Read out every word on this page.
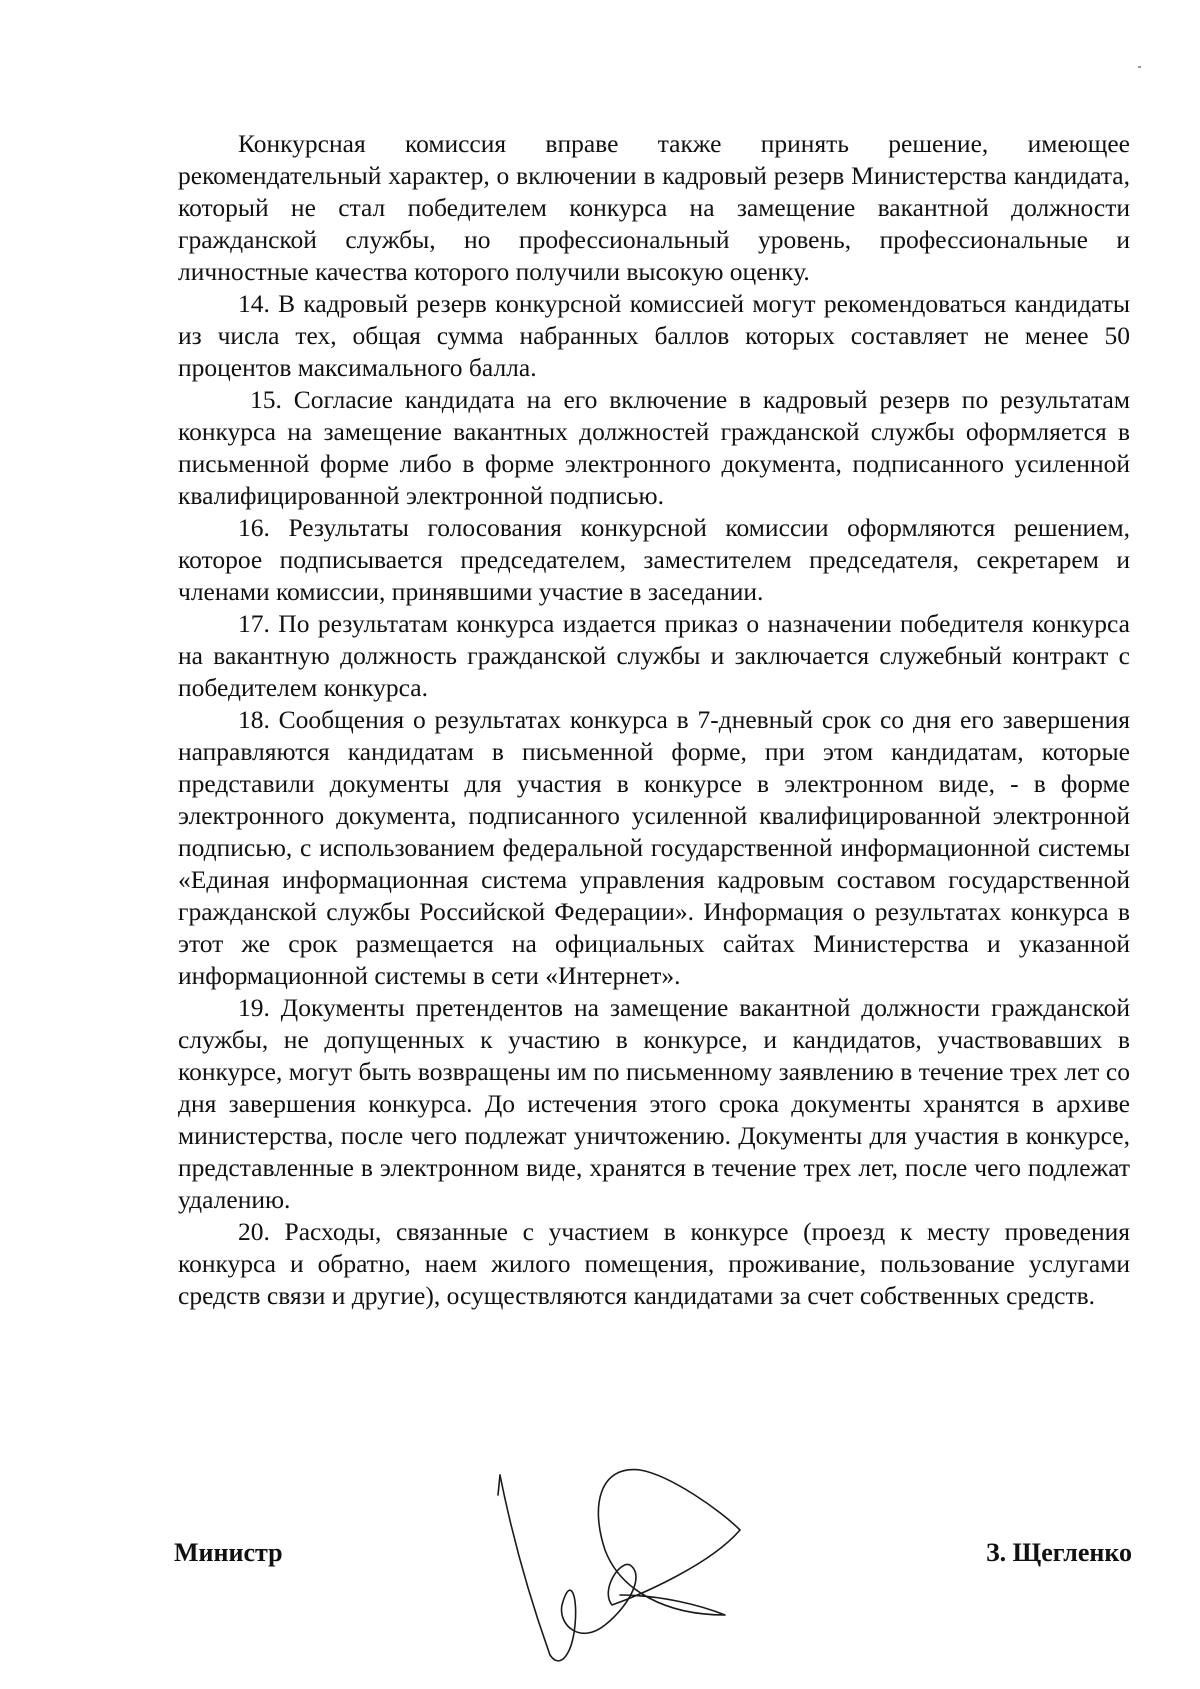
Конкурсная комиссия вправе также принять решение, имеющее рекомендательный характер, о включении в кадровый резерв Министерства кандидата, который не стал победителем конкурса на замещение вакантной должности гражданской службы, но профессиональный уровень, профессиональные и личностные качества которого получили высокую оценку.

14. В кадровый резерв конкурсной комиссией могут рекомендоваться кандидаты из числа тех, общая сумма набранных баллов которых составляет не менее 50 процентов максимального балла.

15. Согласие кандидата на его включение в кадровый резерв по результатам конкурса на замещение вакантных должностей гражданской службы оформляется в письменной форме либо в форме электронного документа, подписанного усиленной квалифицированной электронной подписью.

16. Результаты голосования конкурсной комиссии оформляются решением, которое подписывается председателем, заместителем председателя, секретарем и членами комиссии, принявшими участие в заседании.

17. По результатам конкурса издается приказ о назначении победителя конкурса на вакантную должность гражданской службы и заключается служебный контракт с победителем конкурса.

18. Сообщения о результатах конкурса в 7-дневный срок со дня его завершения направляются кандидатам в письменной форме, при этом кандидатам, которые представили документы для участия в конкурсе в электронном виде, - в форме электронного документа, подписанного усиленной квалифицированной электронной подписью, с использованием федеральной государственной информационной системы «Единая информационная система управления кадровым составом государственной гражданской службы Российской Федерации». Информация о результатах конкурса в этот же срок размещается на официальных сайтах Министерства и указанной информационной системы в сети «Интернет».

19. Документы претендентов на замещение вакантной должности гражданской службы, не допущенных к участию в конкурсе, и кандидатов, участвовавших в конкурсе, могут быть возвращены им по письменному заявлению в течение трех лет со дня завершения конкурса. До истечения этого срока документы хранятся в архиве министерства, после чего подлежат уничтожению. Документы для участия в конкурсе, представленные в электронном виде, хранятся в течение трех лет, после чего подлежат удалению.

20. Расходы, связанные с участием в конкурсе (проезд к месту проведения конкурса и обратно, наем жилого помещения, проживание, пользование услугами средств связи и другие), осуществляются кандидатами за счет собственных средств.

Министр	З. Щегленко
